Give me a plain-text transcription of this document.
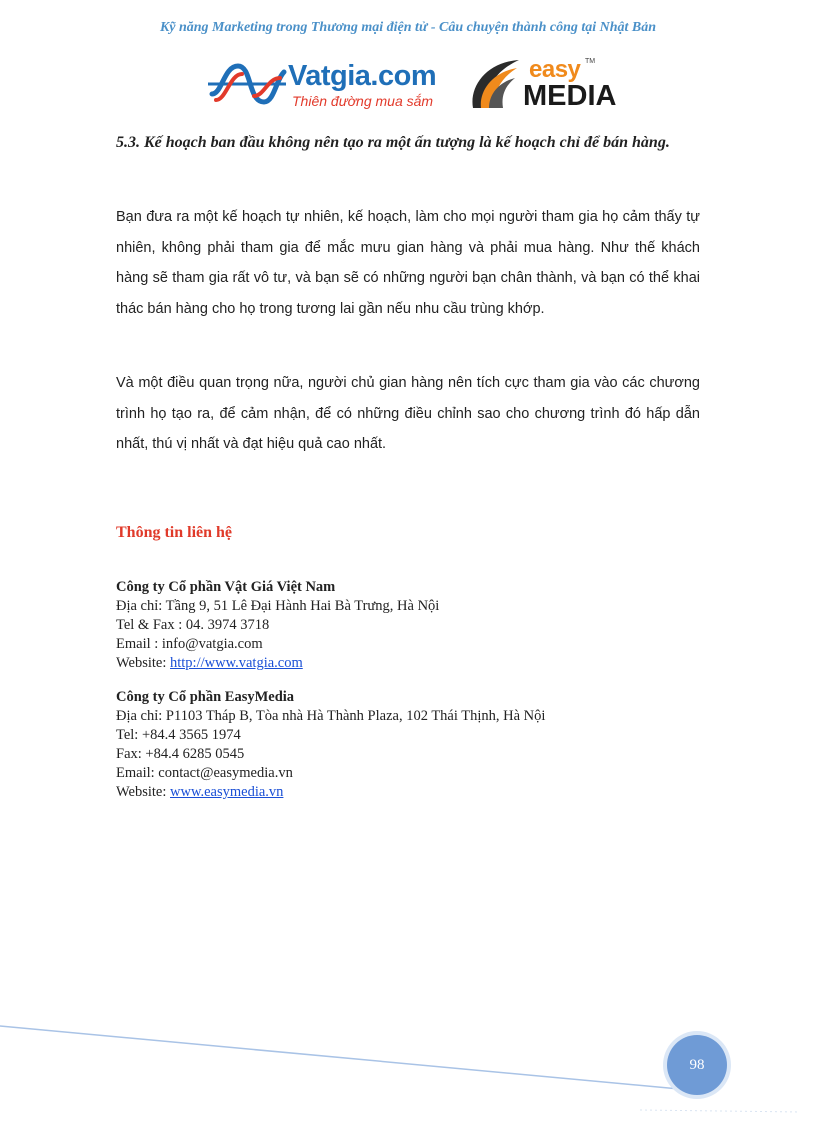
Kỹ năng Marketing trong Thương mại điện tử - Câu chuyện thành công tại Nhật Bản
Vatgia.com
Thiên đường mua sắm
easy TM
MEDIA
5.3. Kế hoạch ban đầu không nên tạo ra một ấn tượng là kế hoạch chỉ để bán hàng.
Bạn đưa ra một kế hoạch tự nhiên, kế hoạch, làm cho mọi người tham gia họ cảm thấy tự nhiên, không phải tham gia để mắc mưu gian hàng và phải mua hàng. Như thế khách hàng sẽ tham gia rất vô tư, và bạn sẽ có những người bạn chân thành, và bạn có thể khai thác bán hàng cho họ trong tương lai gần nếu nhu cầu trùng khớp.
Và một điều quan trọng nữa, người chủ gian hàng nên tích cực tham gia vào các chương trình họ tạo ra, để cảm nhận, để có những điều chỉnh sao cho chương trình đó hấp dẫn nhất, thú vị nhất và đạt hiệu quả cao nhất.
Thông tin liên hệ
Công ty Cổ phần Vật Giá Việt Nam
Địa chỉ: Tầng 9, 51 Lê Đại Hành Hai Bà Trưng, Hà Nội
Tel & Fax : 04. 3974 3718
Email : info@vatgia.com
Website: http://www.vatgia.com
Công ty Cổ phần EasyMedia
Địa chỉ: P1103 Tháp B, Tòa nhà Hà Thành Plaza, 102 Thái Thịnh, Hà Nội
Tel: +84.4 3565 1974
Fax: +84.4 6285 0545
Email: contact@easymedia.vn
Website: www.easymedia.vn
98
